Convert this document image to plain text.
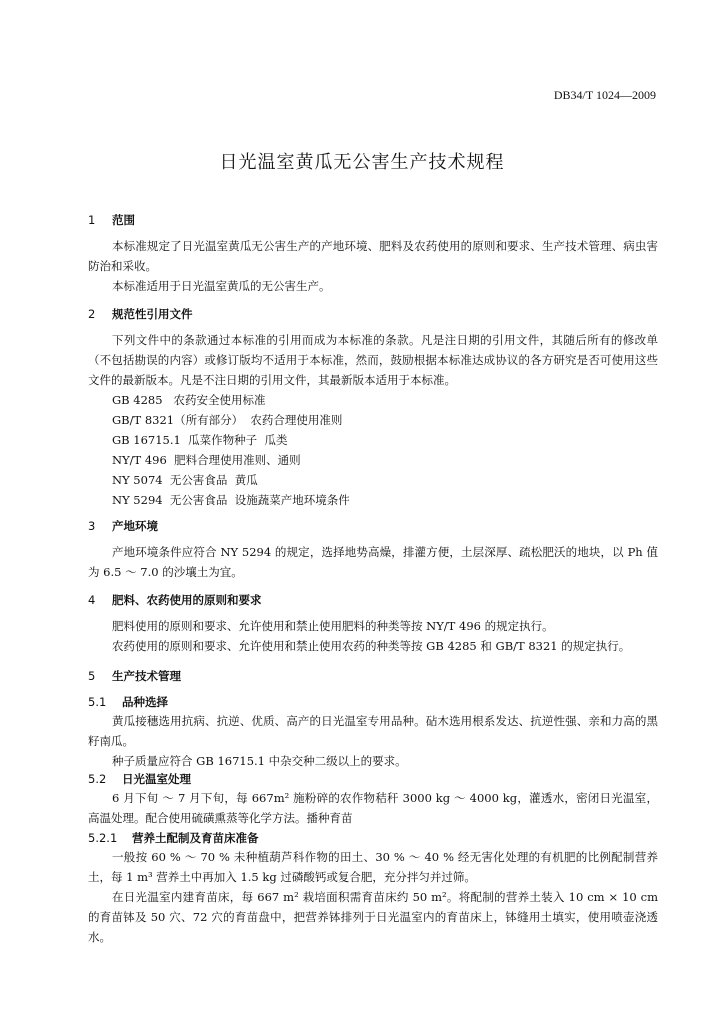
DB34/T 1024—2009
日光温室黄瓜无公害生产技术规程
1 范围
本标准规定了日光温室黄瓜无公害生产的产地环境、肥料及农药使用的原则和要求、生产技术管理、病虫害防治和采收。
本标准适用于日光温室黄瓜的无公害生产。
2 规范性引用文件
下列文件中的条款通过本标准的引用而成为本标准的条款。凡是注日期的引用文件，其随后所有的修改单（不包括勘误的内容）或修订版均不适用于本标准，然而，鼓励根据本标准达成协议的各方研究是否可使用这些文件的最新版本。凡是不注日期的引用文件，其最新版本适用于本标准。
GB 4285   农药安全使用标准
GB/T 8321（所有部分）  农药合理使用准则
GB 16715.1  瓜菜作物种子  瓜类
NY/T 496  肥料合理使用准则、通则
NY 5074  无公害食品  黄瓜
NY 5294  无公害食品  设施蔬菜产地环境条件
3 产地环境
产地环境条件应符合 NY 5294 的规定，选择地势高燥，排灌方便，土层深厚、疏松肥沃的地块，以 Ph 值为 6.5 ～ 7.0 的沙壤土为宜。
4 肥料、农药使用的原则和要求
肥料使用的原则和要求、允许使用和禁止使用肥料的种类等按 NY/T 496 的规定执行。
农药使用的原则和要求、允许使用和禁止使用农药的种类等按 GB 4285 和 GB/T 8321 的规定执行。
5 生产技术管理
5.1 品种选择
黄瓜接穗选用抗病、抗逆、优质、高产的日光温室专用品种。砧木选用根系发达、抗逆性强、亲和力高的黑籽南瓜。
种子质量应符合 GB 16715.1 中杂交种二级以上的要求。
5.2 日光温室处理
6 月下旬 ～ 7 月下旬，每 667m² 施粉碎的农作物秸秆 3000 kg ～ 4000 kg，灌透水，密闭日光温室，高温处理。配合使用硫磺熏蒸等化学方法。播种育苗
5.2.1 营养土配制及育苗床准备
一般按 60 % ～ 70 % 未种植葫芦科作物的田土、30 % ～ 40 % 经无害化处理的有机肥的比例配制营养土，每 1 m³ 营养土中再加入 1.5 kg 过磷酸钙或复合肥，充分拌匀并过筛。
在日光温室内建育苗床，每 667 m² 栽培面积需育苗床约 50 m²。将配制的营养土装入 10 cm × 10 cm 的育苗钵及 50 穴、72 穴的育苗盘中，把营养钵排列于日光温室内的育苗床上，钵缝用土填实，使用喷壶浇透水。
